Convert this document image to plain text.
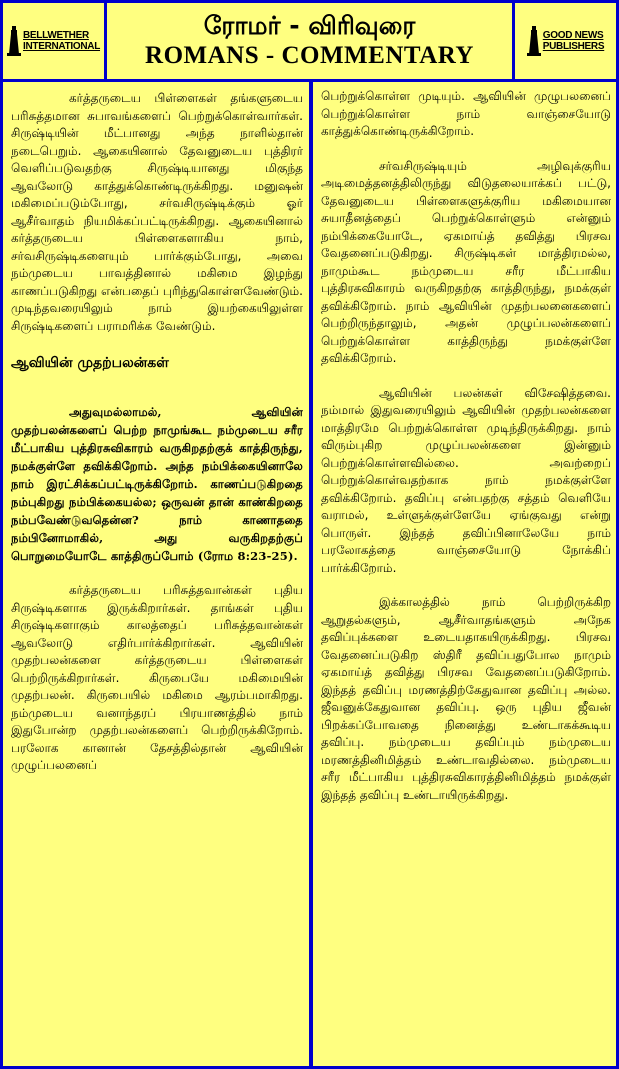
BELLWETHER
INTERNATIONAL
ரோமர் - விரிவுரை
ROMANS - COMMENTARY
GOOD NEWS
PUBLISHERS

கர்த்தருடைய பிள்ளைகள் தங்களுடைய பரிசுத்தமான சுபாவங்களைப் பெற்றுக்கொள்வார்கள். சிருஷ்டியின் மீட்பானது அந்த நாளில்தான் நடைபெறும். ஆகையினால் தேவனுடைய புத்திரர் வெளிப்படுவதற்கு சிருஷ்டியானது மிகுந்த ஆவலோடு காத்துக்கொண்டிருக்கிறது. மனுஷன் மகிமைப்படும்போது, சர்வசிருஷ்டிக்கும் ஓர் ஆசீர்வாதம் நியமிக்கப்பட்டிருக்கிறது. ஆகையினால் கர்த்தருடைய பிள்ளைகளாகிய நாம், சர்வசிருஷ்டிகளையும் பார்க்கும்போது, அவை நம்முடைய பாவத்தினால் மகிமை இழந்து காணப்படுகிறது என்பதைப் புரிந்துகொள்ளவேண்டும். முடிந்தவரையிலும் நாம் இயற்கையிலுள்ள சிருஷ்டிகளைப் பராமரிக்க வேண்டும்.

ஆவியின் முதற்பலன்கள்

அதுவுமல்லாமல், ஆவியின் முதற்பலன்களைப் பெற்ற நாமுங்கூட நம்முடைய சரீர மீட்பாகிய புத்திரசுவிகாரம் வருகிறதற்குக் காத்திருந்து, நமக்குள்ளே தவிக்கிறோம். அந்த நம்பிக்கையினாலே நாம் இரட்சிக்கப்பட்டிருக்கிறோம். காணப்படுகிறதை நம்புகிறது நம்பிக்கையல்ல; ஒருவன் தான் காண்கிறதை நம்பவேண்டுவதென்ன? நாம் காணாததை நம்பினோமாகில், அது வருகிறதற்குப் பொறுமையோடே காத்திருப்போம் (ரோம 8:23-25).

கர்த்தருடைய பரிசுத்தவான்கள் புதிய சிருஷ்டிகளாக இருக்கிறார்கள். தாங்கள் புதிய சிருஷ்டிகளாகும் காலத்தைப் பரிசுத்தவான்கள் ஆவலோடு எதிர்பார்க்கிறார்கள். ஆவியின் முதற்பலன்களை கர்த்தருடைய பிள்ளைகள் பெற்றிருக்கிறார்கள். கிருபையே மகிமையின் முதற்பலன். கிருபையில் மகிமை ஆரம்பமாகிறது. நம்முடைய வனாந்தரப் பிரயாணத்தில் நாம் இதுபோன்ற முதற்பலன்களைப் பெற்றிருக்கிறோம். பரலோக கானான் தேசத்தில்தான் ஆவியின் முழுப்பலனைப்

பெற்றுக்கொள்ள முடியும். ஆவியின் முழுபலனைப் பெற்றுக்கொள்ள நாம் வாஞ்சையோடு காத்துக்கொண்டிருக்கிறோம்.

சர்வசிருஷ்டியும் அழிவுக்குரிய அடிமைத்தனத்திலிருந்து விடுதலையாக்கப் பட்டு, தேவனுடைய பிள்ளைகளுக்குரிய மகிமையான சுயாதீனத்தைப் பெற்றுக்கொள்ளும் என்னும் நம்பிக்கையோடே, ஏகமாய்த் தவித்து பிரசவ வேதனைப்படுகிறது. சிருஷ்டிகள் மாத்திரமல்ல, நாமும்கூட நம்முடைய சரீர மீட்பாகிய புத்திரசுவிகாரம் வருகிறதற்கு காத்திருந்து, நமக்குள் தவிக்கிறோம். நாம் ஆவியின் முதற்பலனைகளைப் பெற்றிருந்தாலும், அதன் முழுப்பலன்களைப் பெற்றுக்கொள்ள காத்திருந்து நமக்குள்ளே தவிக்கிறோம்.

ஆவியின் பலன்கள் விசேஷித்தவை. நம்மால் இதுவரையிலும் ஆவியின் முதற்பலன்களை மாத்திரமே பெற்றுக்கொள்ள முடிந்திருக்கிறது. நாம் விரும்புகிற முழுப்பலன்களை இன்னும் பெற்றுக்கொள்ளவில்லை. அவற்றைப் பெற்றுக்கொள்வதற்காக நாம் நமக்குள்ளே தவிக்கிறோம். தவிப்பு என்பதற்கு சத்தம் வெளியே வராமல், உள்ளுக்குள்ளேயே ஏங்குவது என்று பொருள். இந்தத் தவிப்பினாலேயே நாம் பரலோகத்தை வாஞ்சையோடு நோக்கிப் பார்க்கிறோம்.

இக்காலத்தில் நாம் பெற்றிருக்கிற ஆறுதல்களும், ஆசீர்வாதங்களும் அநேக தவிப்புக்களை உடையதாகயிருக்கிறது. பிரசவ வேதனைப்படுகிற ஸ்திரீ தவிப்பதுபோல நாமும் ஏகமாய்த் தவித்து பிரசவ வேதனைப்படுகிறோம். இந்தத் தவிப்பு மரணத்திற்கேதுவான தவிப்பு அல்ல. ஜீவனுக்கேதுவான தவிப்பு. ஒரு புதிய ஜீவன் பிறக்கப்போவதை நினைத்து உண்டாகக்கூடிய தவிப்பு. நம்முடைய தவிப்பும் நம்முடைய மரணத்தினிமித்தம் உண்டாவதில்லை. நம்முடைய சரீர மீட்பாகிய புத்திரசுவிகாரத்தினிமித்தம் நமக்குள் இந்தத் தவிப்பு உண்டாயிருக்கிறது.
